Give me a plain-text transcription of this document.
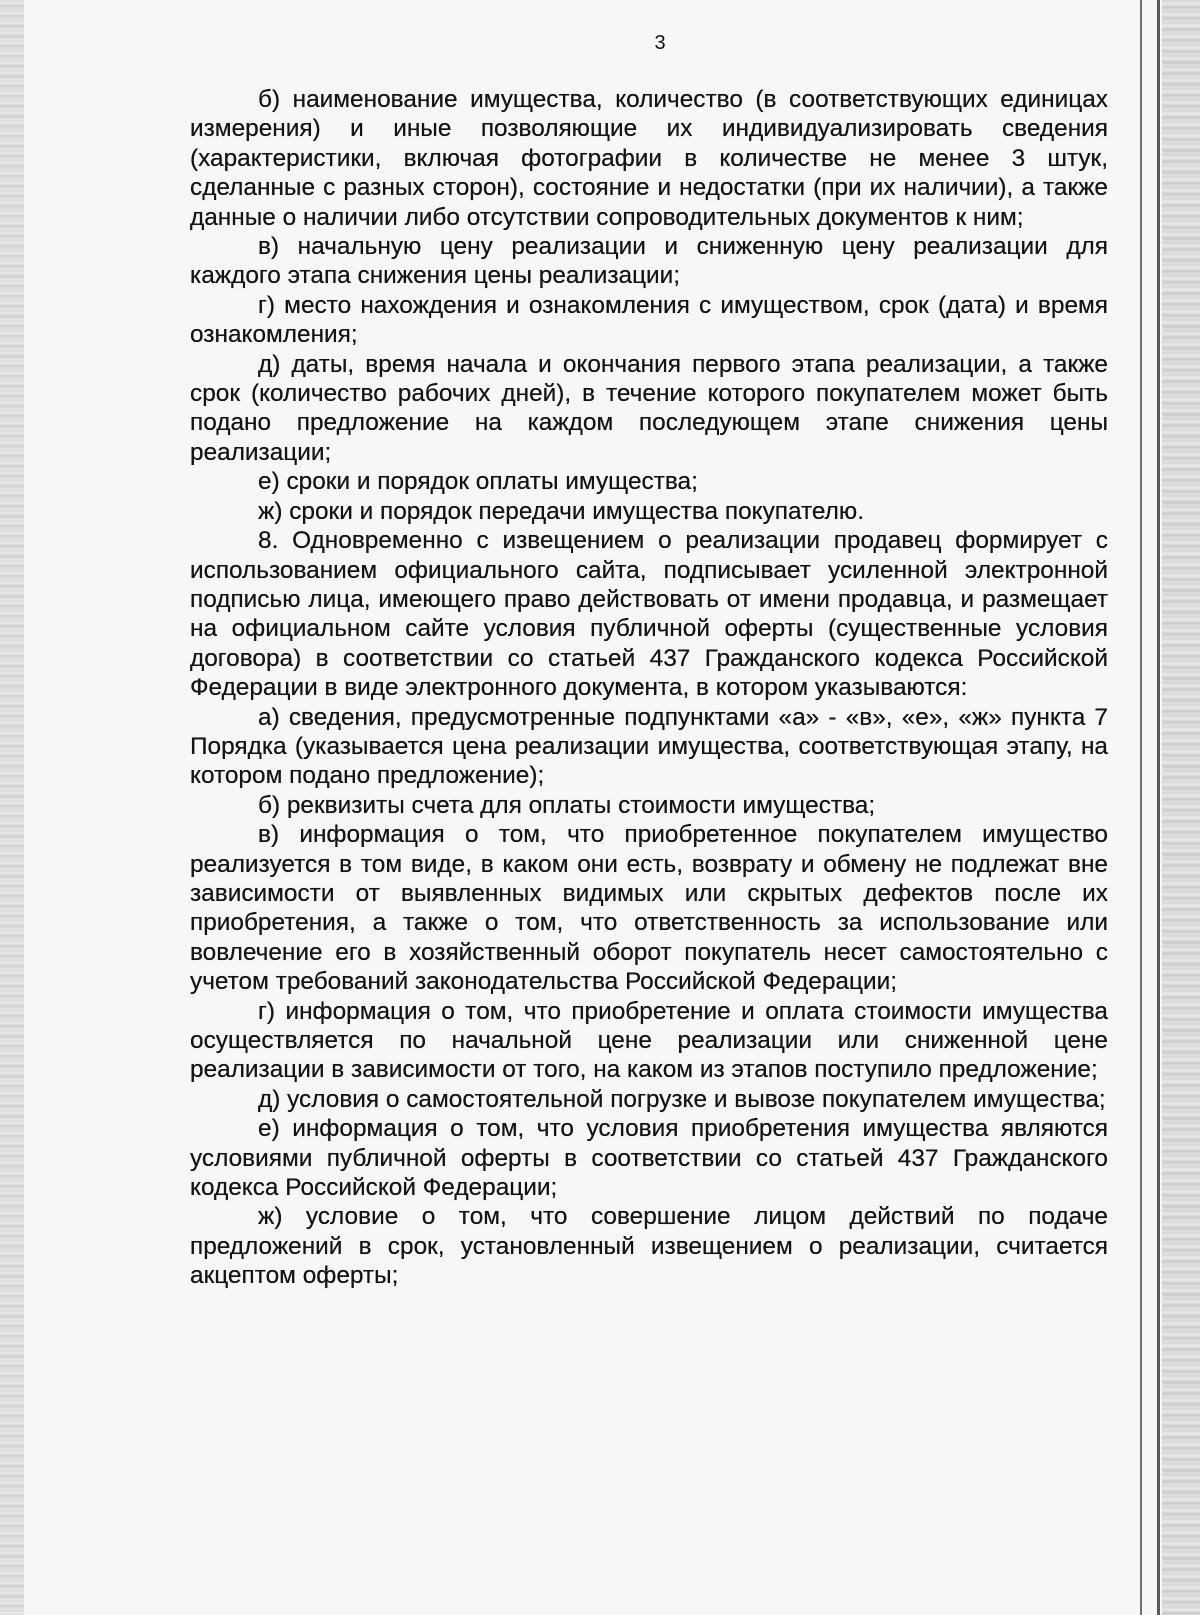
3

б) наименование имущества, количество (в соответствующих единицах измерения) и иные позволяющие их индивидуализировать сведения (характеристики, включая фотографии в количестве не менее 3 штук, сделанные с разных сторон), состояние и недостатки (при их наличии), а также данные о наличии либо отсутствии сопроводительных документов к ним;

в) начальную цену реализации и сниженную цену реализации для каждого этапа снижения цены реализации;

г) место нахождения и ознакомления с имуществом, срок (дата) и время ознакомления;

д) даты, время начала и окончания первого этапа реализации, а также срок (количество рабочих дней), в течение которого покупателем может быть подано предложение на каждом последующем этапе снижения цены реализации;

е) сроки и порядок оплаты имущества;

ж) сроки и порядок передачи имущества покупателю.

8. Одновременно с извещением о реализации продавец формирует с использованием официального сайта, подписывает усиленной электронной подписью лица, имеющего право действовать от имени продавца, и размещает на официальном сайте условия публичной оферты (существенные условия договора) в соответствии со статьей 437 Гражданского кодекса Российской Федерации в виде электронного документа, в котором указываются:

а) сведения, предусмотренные подпунктами «а» - «в», «е», «ж» пункта 7 Порядка (указывается цена реализации имущества, соответствующая этапу, на котором подано предложение);

б) реквизиты счета для оплаты стоимости имущества;

в) информация о том, что приобретенное покупателем имущество реализуется в том виде, в каком они есть, возврату и обмену не подлежат вне зависимости от выявленных видимых или скрытых дефектов после их приобретения, а также о том, что ответственность за использование или вовлечение его в хозяйственный оборот покупатель несет самостоятельно с учетом требований законодательства Российской Федерации;

г) информация о том, что приобретение и оплата стоимости имущества осуществляется по начальной цене реализации или сниженной цене реализации в зависимости от того, на каком из этапов поступило предложение;

д) условия о самостоятельной погрузке и вывозе покупателем имущества;

е) информация о том, что условия приобретения имущества являются условиями публичной оферты в соответствии со статьей 437 Гражданского кодекса Российской Федерации;

ж) условие о том, что совершение лицом действий по подаче предложений в срок, установленный извещением о реализации, считается акцептом оферты;
